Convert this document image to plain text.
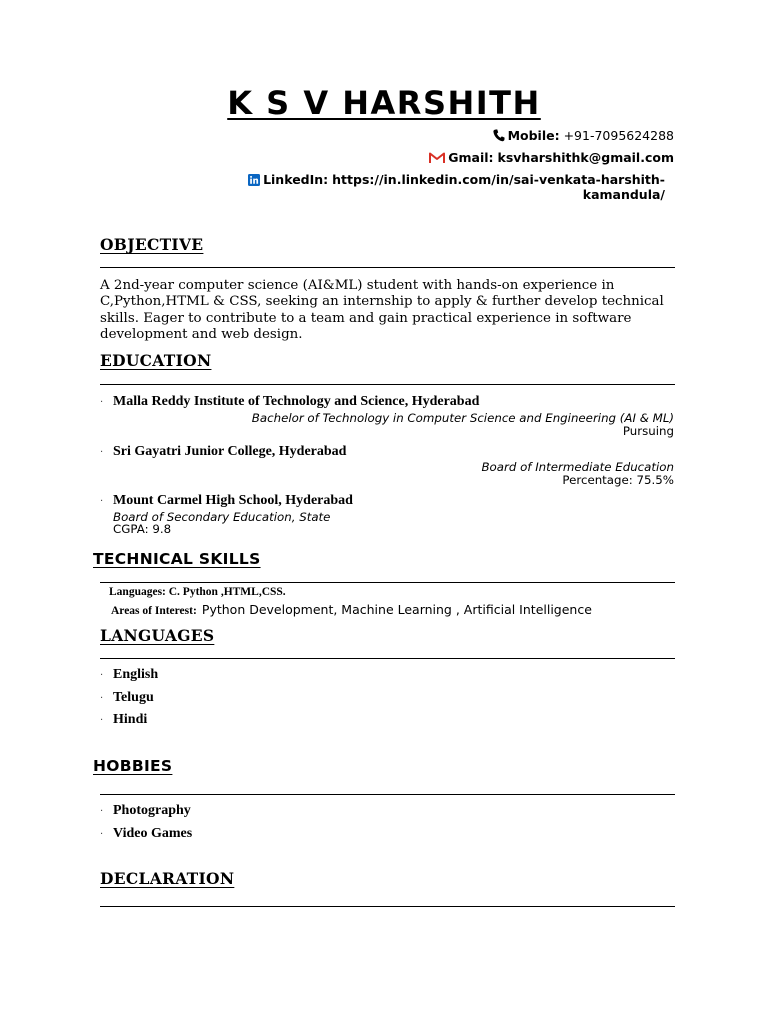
K S V HARSHITH
Mobile: +91-7095624288
Gmail: ksvharshithk@gmail.com
LinkedIn: https://in.linkedin.com/in/sai-venkata-harshith-
kamandula/
OBJECTIVE
A 2nd-year computer science (AI&ML) student with hands-on experience in
C,Python,HTML & CSS, seeking an internship to apply & further develop technical
skills. Eager to contribute to a team and gain practical experience in software
development and web design.
EDUCATION
· Malla Reddy Institute of Technology and Science, Hyderabad
Bachelor of Technology in Computer Science and Engineering (AI & ML)
Pursuing
· Sri Gayatri Junior College, Hyderabad
Board of Intermediate Education
Percentage: 75.5%
· Mount Carmel High School, Hyderabad
Board of Secondary Education, State
CGPA: 9.8
TECHNICAL SKILLS
Languages: C. Python ,HTML,CSS.
Areas of Interest: Python Development, Machine Learning , Artificial Intelligence
LANGUAGES
· English
· Telugu
· Hindi
HOBBIES
· Photography
· Video Games
DECLARATION
